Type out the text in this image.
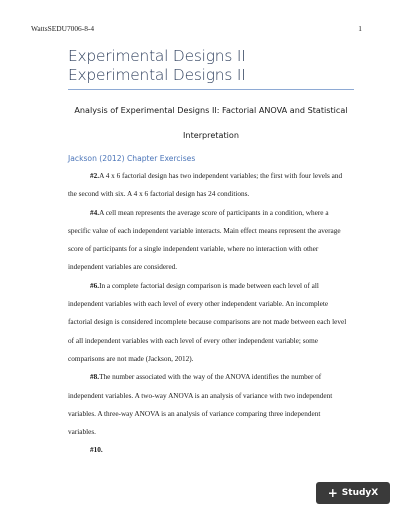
WattsSEDU7006-8-4	1
Experimental Designs II
Experimental Designs II
Analysis of Experimental Designs II: Factorial ANOVA and Statistical
Interpretation
Jackson (2012) Chapter Exercises
#2.A 4 x 6 factorial design has two independent variables; the first with four levels and
the second with six. A 4 x 6 factorial design has 24 conditions.
#4.A cell mean represents the average score of participants in a condition, where a
specific value of each independent variable interacts. Main effect means represent the average
score of participants for a single independent variable, where no interaction with other
independent variables are considered.
#6.In a complete factorial design comparison is made between each level of all
independent variables with each level of every other independent variable. An incomplete
factorial design is considered incomplete because comparisons are not made between each level
of all independent variables with each level of every other independent variable; some
comparisons are not made (Jackson, 2012).
#8.The number associated with the way of the ANOVA identifies the number of
independent variables. A two-way ANOVA is an analysis of variance with two independent
variables. A three-way ANOVA is an analysis of variance comparing three independent
variables.
#10.
+ StudyX
